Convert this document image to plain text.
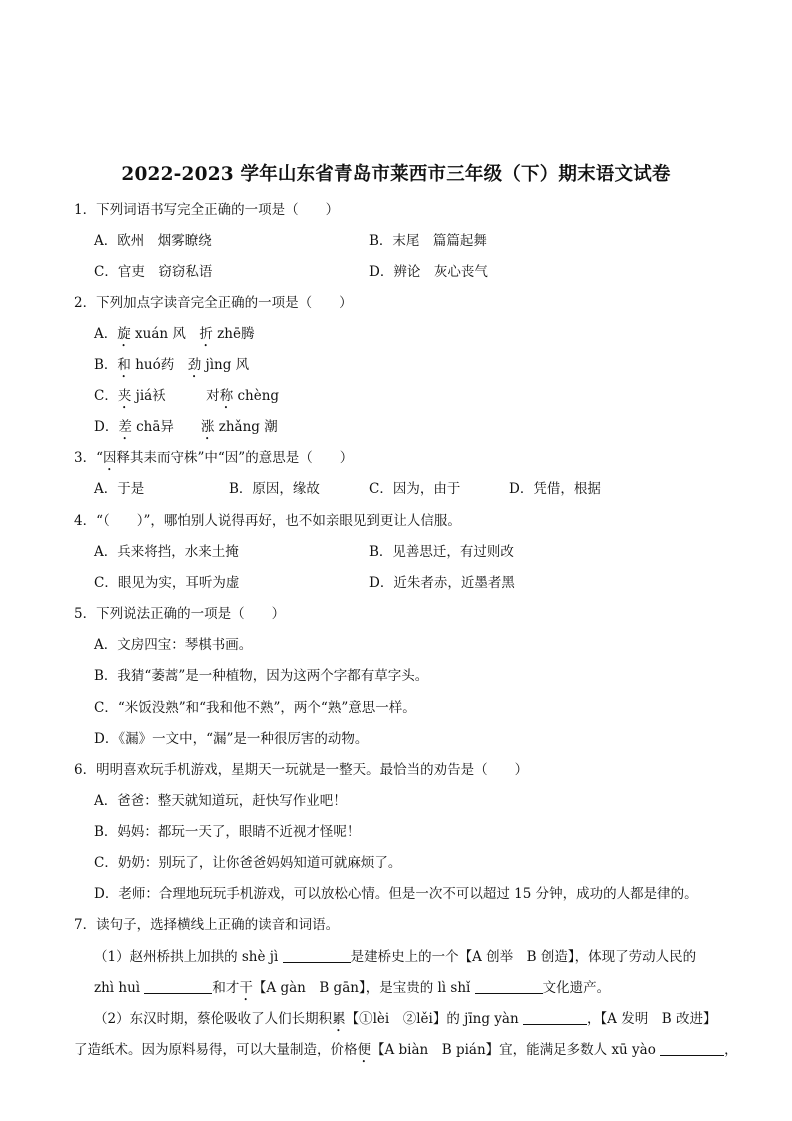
2022-2023 学年山东省青岛市莱西市三年级（下）期末语文试卷
1．下列词语书写完全正确的一项是（　　）
A．欧州　烟雾瞭绕	B．末尾　篇篇起舞
C．官吏　窃窃私语	D．辨论　灰心丧气
2．下列加点字读音完全正确的一项是（　　）
A．旋 xuán 风　折 zhē腾
B．和 huó药　劲 jìng 风
C．夹 jiá袄　　　对称 chèng
D．差 chā异　　涨 zhǎng 潮
3．“因释其耒而守株”中“因”的意思是（　　）
A．于是	B．原因，缘故	C．因为，由于	D．凭借，根据
4．“（　　）”，哪怕别人说得再好，也不如亲眼见到更让人信服。
A．兵来将挡，水来土掩	B．见善思迁，有过则改
C．眼见为实，耳听为虚	D．近朱者赤，近墨者黑
5．下列说法正确的一项是（　　）
A．文房四宝：琴棋书画。
B．我猜“萎蒿”是一种植物，因为这两个字都有草字头。
C．“米饭没熟”和“我和他不熟”，两个“熟”意思一样。
D．《漏》一文中，“漏”是一种很厉害的动物。
6．明明喜欢玩手机游戏，星期天一玩就是一整天。最恰当的劝告是（　　）
A．爸爸：整天就知道玩，赶快写作业吧！
B．妈妈：都玩一天了，眼睛不近视才怪呢！
C．奶奶：别玩了，让你爸爸妈妈知道可就麻烦了。
D．老师：合理地玩玩手机游戏，可以放松心情。但是一次不可以超过 15 分钟，成功的人都是律的。
7．读句子，选择横线上正确的读音和词语。
（1）赵州桥拱上加拱的 shè jì	是建桥史上的一个【A 创举　B 创造】，体现了劳动人民的
zhì huì	和才干【A gàn　B gān】，是宝贵的 lì shǐ	文化遗产。
（2）东汉时期，蔡伦吸收了人们长期积累【①lèi　②lěi】的 jīng yàn	，【A 发明　B 改进】
了造纸术。因为原料易得，可以大量制造，价格便【A biàn　B pián】宜，能满足多数人 xū yào	，
